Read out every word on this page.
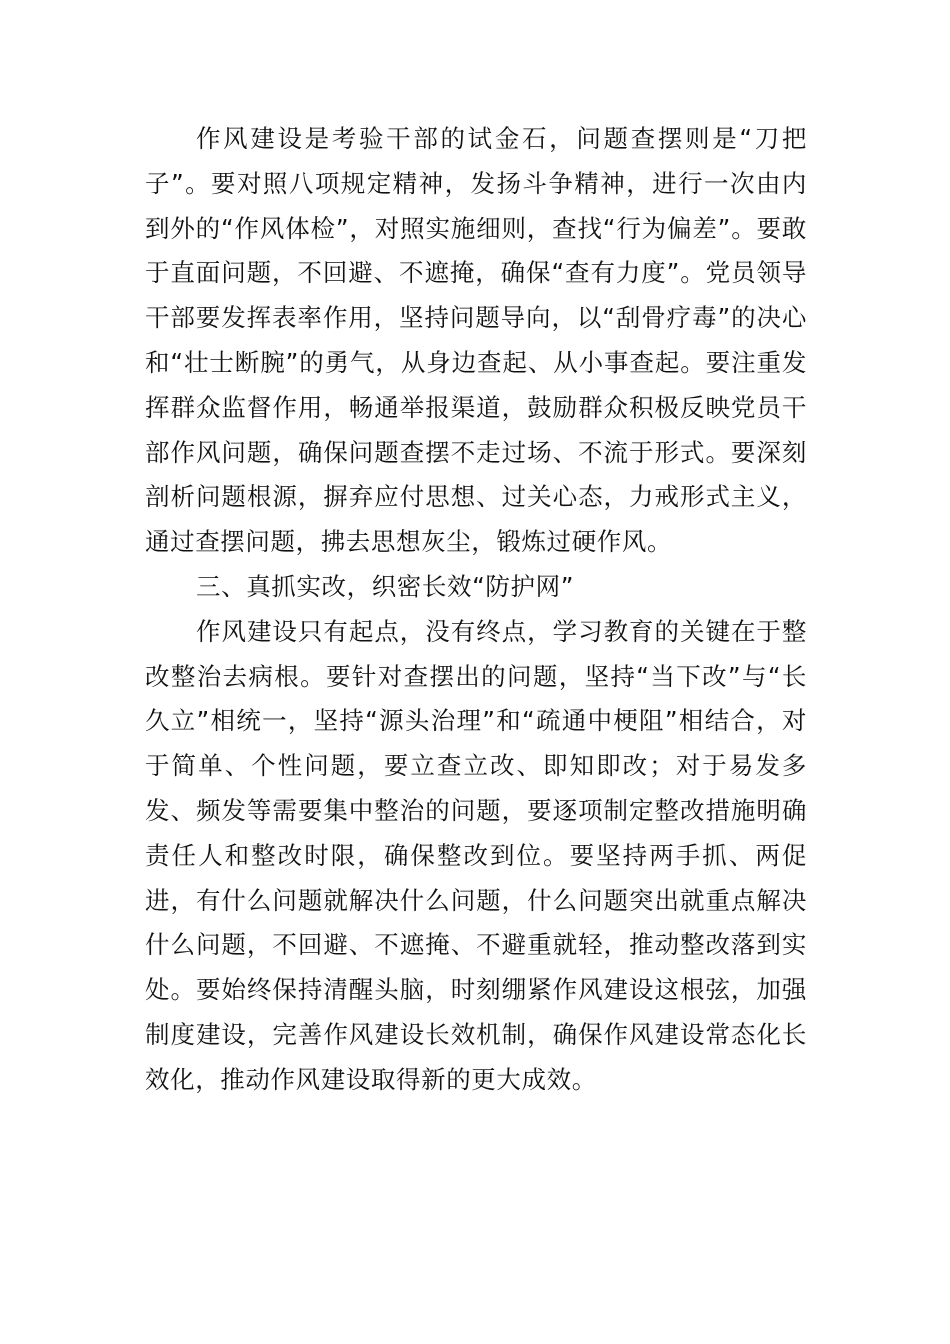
作风建设是考验干部的试金石，问题查摆则是“刀把子”。要对照八项规定精神，发扬斗争精神，进行一次由内到外的“作风体检”，对照实施细则，查找“行为偏差”。要敢于直面问题，不回避、不遮掩，确保“查有力度”。党员领导干部要发挥表率作用，坚持问题导向，以“刮骨疗毒”的决心和“壮士断腕”的勇气，从身边查起、从小事查起。要注重发挥群众监督作用，畅通举报渠道，鼓励群众积极反映党员干部作风问题，确保问题查摆不走过场、不流于形式。要深刻剖析问题根源，摒弃应付思想、过关心态，力戒形式主义，通过查摆问题，拂去思想灰尘，锻炼过硬作风。

三、真抓实改，织密长效“防护网”

作风建设只有起点，没有终点，学习教育的关键在于整改整治去病根。要针对查摆出的问题，坚持“当下改”与“长久立”相统一，坚持“源头治理”和“疏通中梗阻”相结合，对于简单、个性问题，要立查立改、即知即改；对于易发多发、频发等需要集中整治的问题，要逐项制定整改措施明确责任人和整改时限，确保整改到位。要坚持两手抓、两促进，有什么问题就解决什么问题，什么问题突出就重点解决什么问题，不回避、不遮掩、不避重就轻，推动整改落到实处。要始终保持清醒头脑，时刻绷紧作风建设这根弦，加强制度建设，完善作风建设长效机制，确保作风建设常态化长效化，推动作风建设取得新的更大成效。
